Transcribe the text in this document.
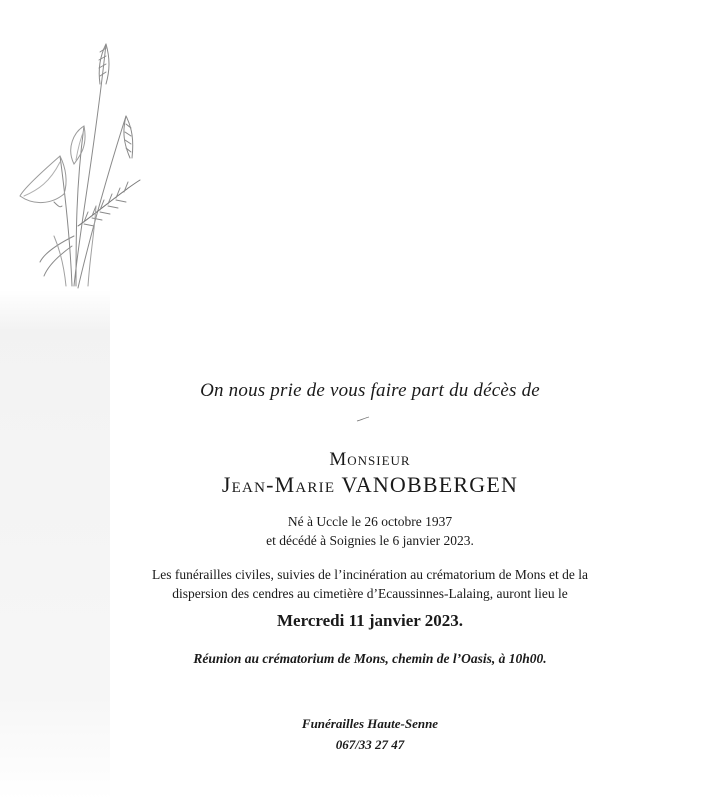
On nous prie de vous faire part du décès de
Monsieur
Jean-Marie VANOBBERGEN
Né à Uccle le 26 octobre 1937
et décédé à Soignies le 6 janvier 2023.
Les funérailles civiles, suivies de l’incinération au crématorium de Mons et de la
dispersion des cendres au cimetière d’Ecaussinnes-Lalaing, auront lieu le
Mercredi 11 janvier 2023.
Réunion au crématorium de Mons, chemin de l’Oasis, à 10h00.
Funérailles Haute-Senne
067/33 27 47
